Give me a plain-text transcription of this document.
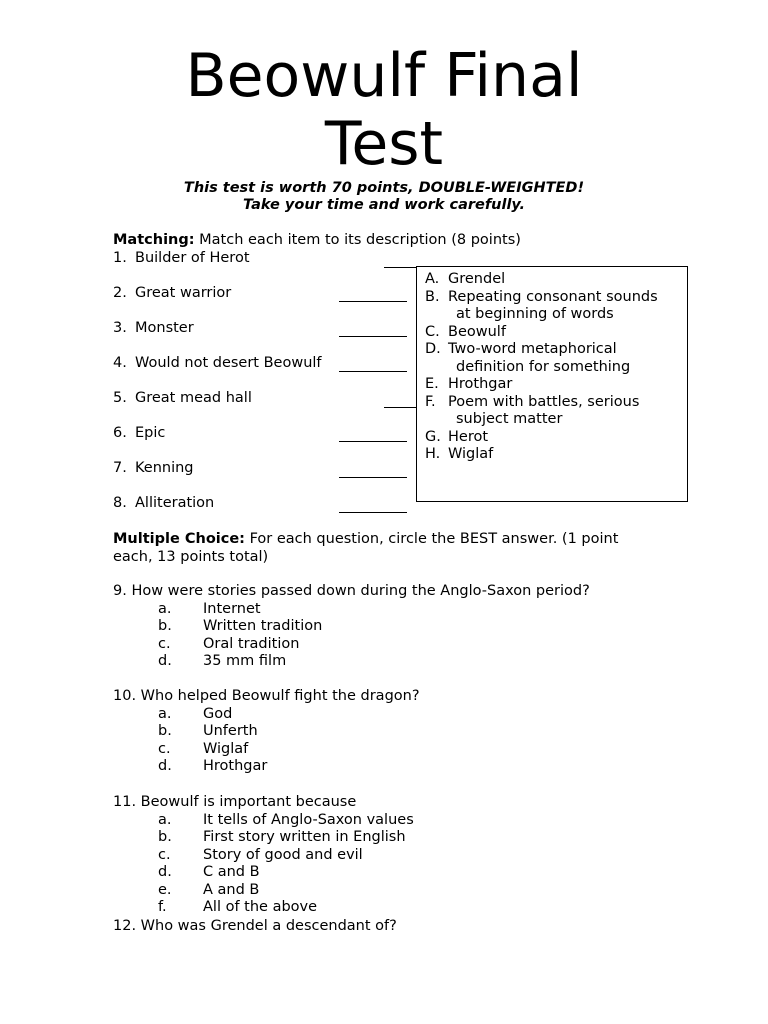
Beowulf Final
Test
This test is worth 70 points, DOUBLE-WEIGHTED!
Take your time and work carefully.
Matching: Match each item to its description (8 points)
1. Builder of Herot
2. Great warrior
3. Monster
4. Would not desert Beowulf
5. Great mead hall
6. Epic
7. Kenning
8. Alliteration
A. Grendel
B. Repeating consonant sounds
at beginning of words
C. Beowulf
D. Two-word metaphorical
definition for something
E. Hrothgar
F. Poem with battles, serious
subject matter
G. Herot
H. Wiglaf
Multiple Choice: For each question, circle the BEST answer. (1 point
each, 13 points total)
9. How were stories passed down during the Anglo-Saxon period?
a. Internet
b. Written tradition
c. Oral tradition
d. 35 mm film
10. Who helped Beowulf fight the dragon?
a. God
b. Unferth
c. Wiglaf
d. Hrothgar
11. Beowulf is important because
a. It tells of Anglo-Saxon values
b. First story written in English
c. Story of good and evil
d. C and B
e. A and B
f.	All of the above
12. Who was Grendel a descendant of?
